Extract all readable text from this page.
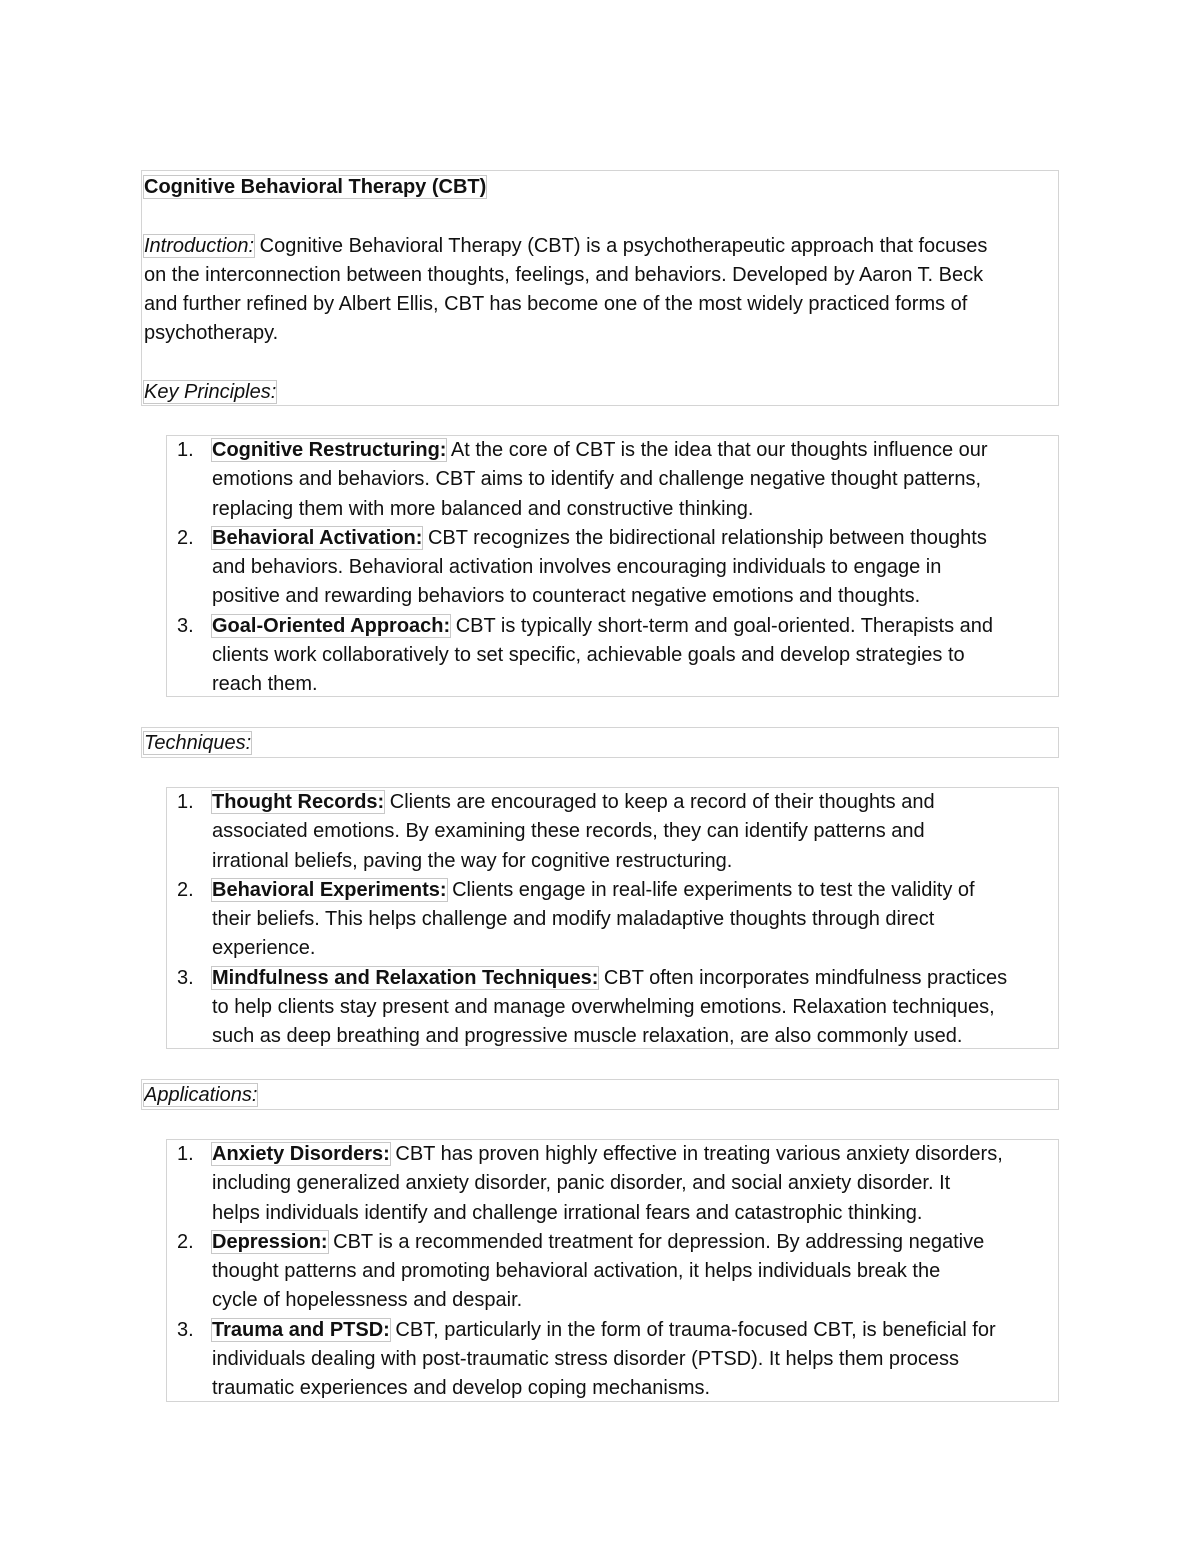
Cognitive Behavioral Therapy (CBT)

Introduction: Cognitive Behavioral Therapy (CBT) is a psychotherapeutic approach that focuses
on the interconnection between thoughts, feelings, and behaviors. Developed by Aaron T. Beck
and further refined by Albert Ellis, CBT has become one of the most widely practiced forms of
psychotherapy.

Key Principles:
1. Cognitive Restructuring: At the core of CBT is the idea that our thoughts influence our
emotions and behaviors. CBT aims to identify and challenge negative thought patterns,
replacing them with more balanced and constructive thinking.
2. Behavioral Activation: CBT recognizes the bidirectional relationship between thoughts
and behaviors. Behavioral activation involves encouraging individuals to engage in
positive and rewarding behaviors to counteract negative emotions and thoughts.
3. Goal-Oriented Approach: CBT is typically short-term and goal-oriented. Therapists and
clients work collaboratively to set specific, achievable goals and develop strategies to
reach them.
Techniques:
1. Thought Records: Clients are encouraged to keep a record of their thoughts and
associated emotions. By examining these records, they can identify patterns and
irrational beliefs, paving the way for cognitive restructuring.
2. Behavioral Experiments: Clients engage in real-life experiments to test the validity of
their beliefs. This helps challenge and modify maladaptive thoughts through direct
experience.
3. Mindfulness and Relaxation Techniques: CBT often incorporates mindfulness practices
to help clients stay present and manage overwhelming emotions. Relaxation techniques,
such as deep breathing and progressive muscle relaxation, are also commonly used.
Applications:
1. Anxiety Disorders: CBT has proven highly effective in treating various anxiety disorders,
including generalized anxiety disorder, panic disorder, and social anxiety disorder. It
helps individuals identify and challenge irrational fears and catastrophic thinking.
2. Depression: CBT is a recommended treatment for depression. By addressing negative
thought patterns and promoting behavioral activation, it helps individuals break the
cycle of hopelessness and despair.
3. Trauma and PTSD: CBT, particularly in the form of trauma-focused CBT, is beneficial for
individuals dealing with post-traumatic stress disorder (PTSD). It helps them process
traumatic experiences and develop coping mechanisms.
